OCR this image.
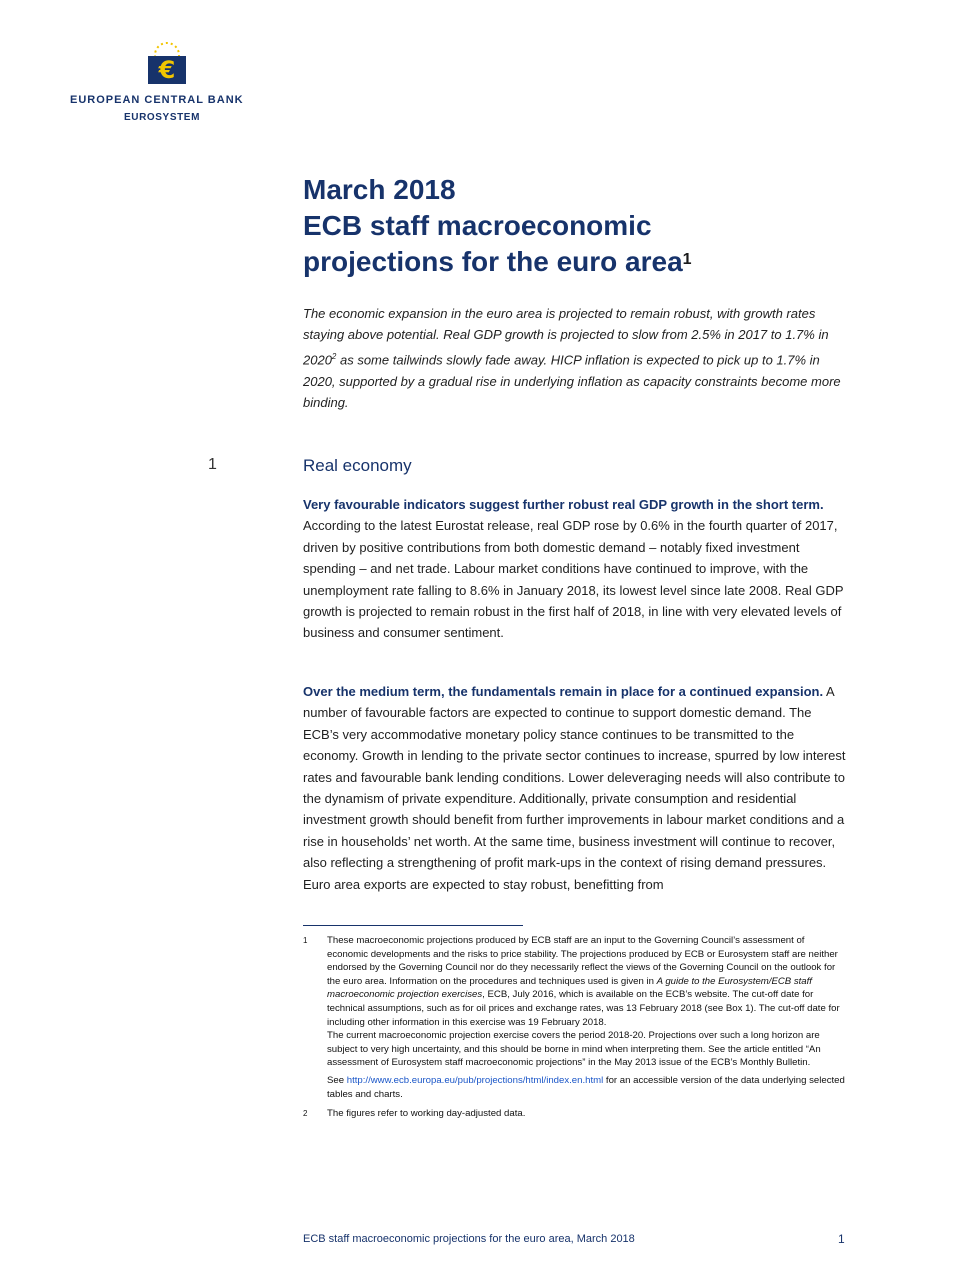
€
EUROPEAN CENTRAL BANK
EUROSYSTEM
March 2018
ECB staff macroeconomic
projections for the euro area$^1$
The economic expansion in the euro area is projected to remain robust, with growth rates staying above potential. Real GDP growth is projected to slow from 2.5% in 2017 to 1.7% in 2020$^2$ as some tailwinds slowly fade away. HICP inflation is expected to pick up to 1.7% in 2020, supported by a gradual rise in underlying inflation as capacity constraints become more binding.
1	Real economy
Very favourable indicators suggest further robust real GDP growth in the short term. According to the latest Eurostat release, real GDP rose by 0.6% in the fourth quarter of 2017, driven by positive contributions from both domestic demand – notably fixed investment spending – and net trade. Labour market conditions have continued to improve, with the unemployment rate falling to 8.6% in January 2018, its lowest level since late 2008. Real GDP growth is projected to remain robust in the first half of 2018, in line with very elevated levels of business and consumer sentiment.
Over the medium term, the fundamentals remain in place for a continued expansion. A number of favourable factors are expected to continue to support domestic demand. The ECB’s very accommodative monetary policy stance continues to be transmitted to the economy. Growth in lending to the private sector continues to increase, spurred by low interest rates and favourable bank lending conditions. Lower deleveraging needs will also contribute to the dynamism of private expenditure. Additionally, private consumption and residential investment growth should benefit from further improvements in labour market conditions and a rise in households’ net worth. At the same time, business investment will continue to recover, also reflecting a strengthening of profit mark-ups in the context of rising demand pressures. Euro area exports are expected to stay robust, benefitting from
1	These macroeconomic projections produced by ECB staff are an input to the Governing Council’s assessment of economic developments and the risks to price stability. The projections produced by ECB or Eurosystem staff are neither endorsed by the Governing Council nor do they necessarily reflect the views of the Governing Council on the outlook for the euro area. Information on the procedures and techniques used is given in A guide to the Eurosystem/ECB staff macroeconomic projection exercises, ECB, July 2016, which is available on the ECB’s website. The cut-off date for technical assumptions, such as for oil prices and exchange rates, was 13 February 2018 (see Box 1). The cut-off date for including other information in this exercise was 19 February 2018.

The current macroeconomic projection exercise covers the period 2018-20. Projections over such a long horizon are subject to very high uncertainty, and this should be borne in mind when interpreting them. See the article entitled “An assessment of Eurosystem staff macroeconomic projections” in the May 2013 issue of the ECB’s Monthly Bulletin.

See http://www.ecb.europa.eu/pub/projections/html/index.en.html for an accessible version of the data underlying selected tables and charts.

2	The figures refer to working day-adjusted data.
ECB staff macroeconomic projections for the euro area, March 2018	1
